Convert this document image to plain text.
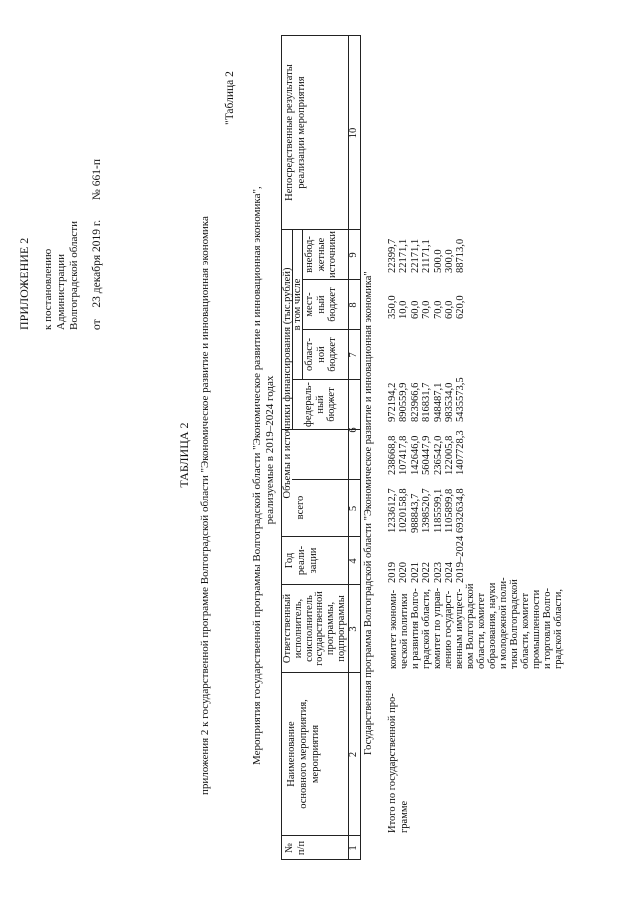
ПРИЛОЖЕНИЕ 2 к постановлению Администрации Волгоградской области от  23 декабря 2019 г.  № 661-п
"Таблица 2
ТАБЛИЦА 2 приложения 2 к государственной программе Волгоградской области "Экономическое развитие и инновационная экономика	Мероприятия государственной программы Волгоградской области "Экономическое развитие и инновационная экономика", реализуемые в 2019–2024 годах
№ п/п
Наименование основного мероприятия, мероприятия
Ответственный исполнитель, соисполнитель государственной программы, подпрограммы
Год реали- зации
Объемы и источники финансирования (тыс.рублей)
всего
в том числе
федераль- ный бюджет
област- ной бюджет
мест- ный бюджет
внебюд- жетные источники
Непосредственные результаты реализации мероприятия
1
2
3
4
5
6
7
8
9
10
Государственная программа Волгоградской области "Экономическое развитие и инновационная экономика"
Итого по государственной про- грамме
комитет экономи- ческой политики и развития Волго- градской области, комитет по управ- лению государст- венным имущест- вом Волгоградской области, комитет образования, науки и молодежной поли- тики Волгоградской области, комитет промышленности и торговли Волго- градской области,
2019 2020 2021 2022 2023 2024 2019–2024
1233612,7 1020158,8 988843,7 1398520,7 1185599,1 1105899,8 6932634,8
238668,8 107417,8 142646,0 560447,9 236542,0 122005,8 1407728,3
972194,2 890559,9 823966,6 816831,7 948487,1 983534,0 5435573,5
350,0 10,0 60,0 70,0 70,0 60,0 620,0
22399,7 22171,1 22171,1 21171,1 500,0 300,0 88713,0
